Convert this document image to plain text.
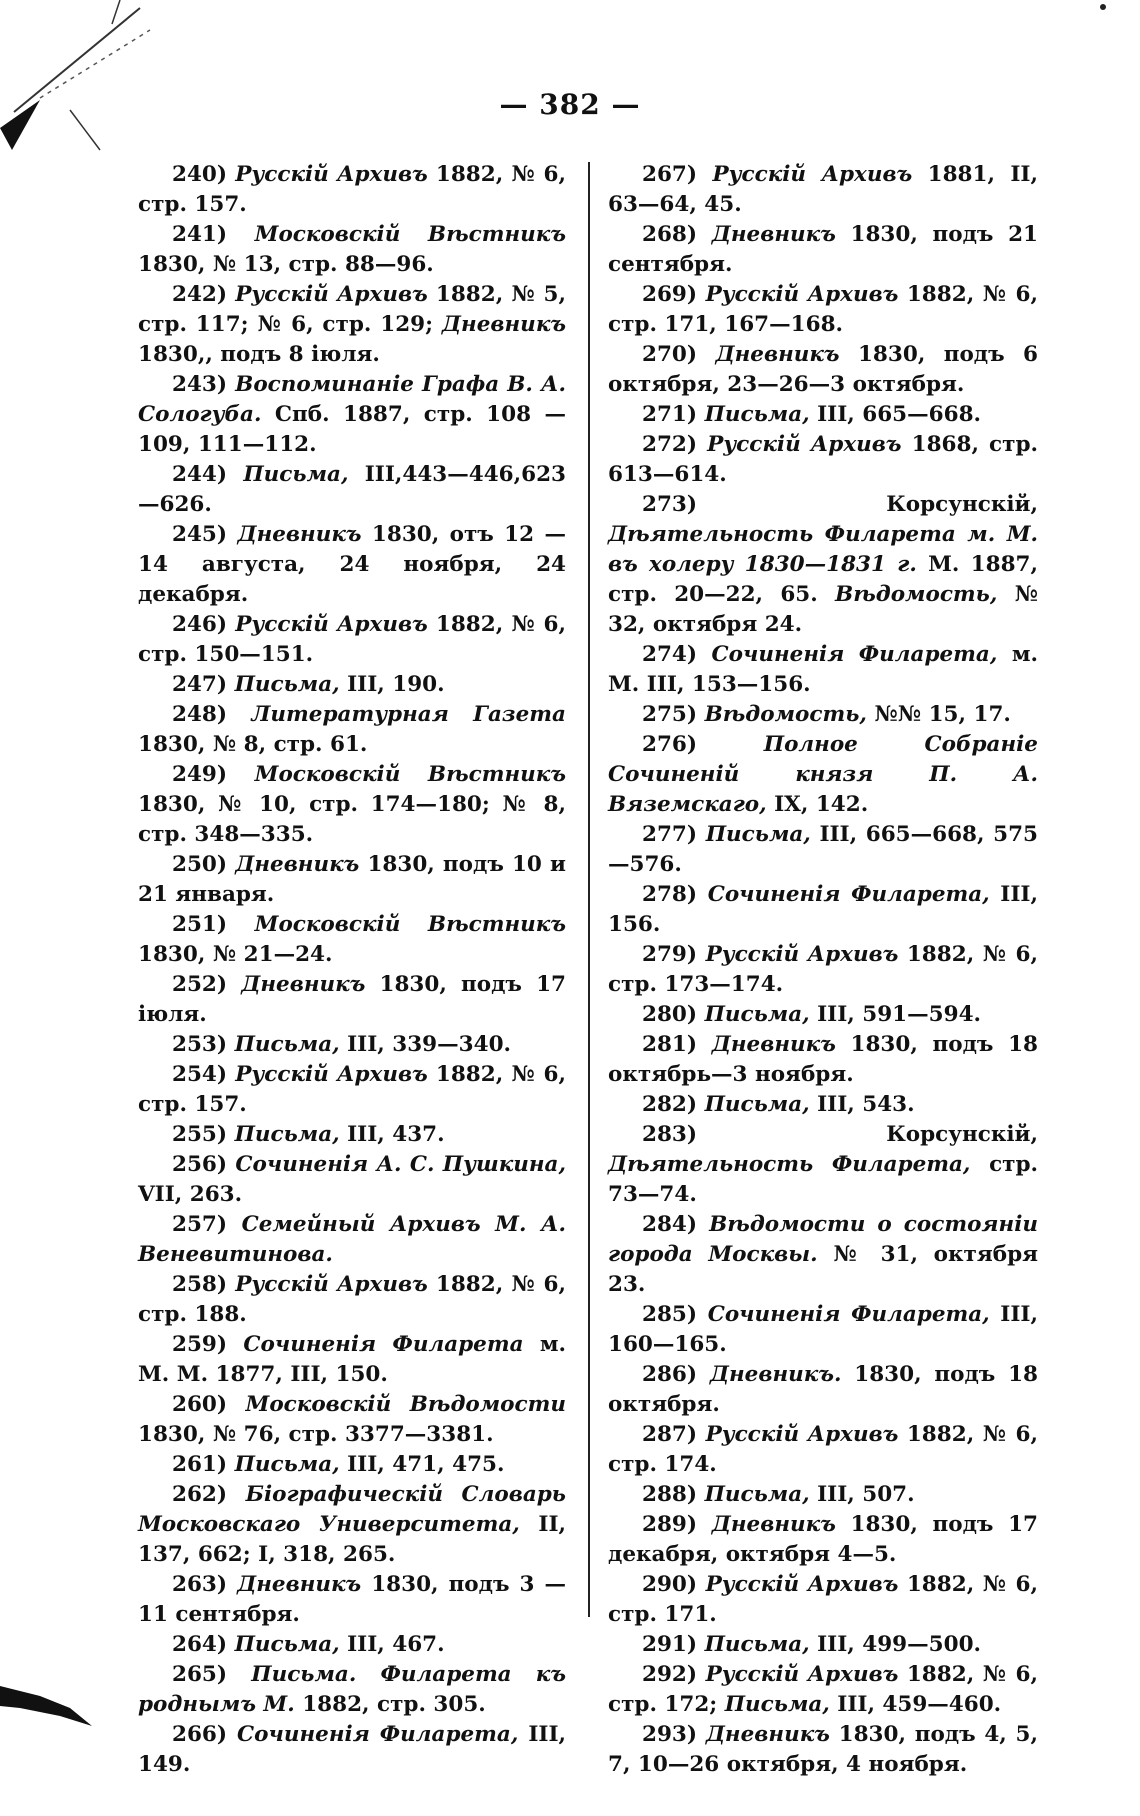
— 382 —

240) Русскій Архивъ 1882, № 6, стр. 157.

241) Московскій Вѣстникъ 1830, № 13, стр. 88—96.

242) Русскій Архивъ 1882, № 5, стр. 117; № 6, стр. 129; Дневникъ 1830,, подъ 8 іюля.

243) Воспоминаніе Графа В. А. Сологуба. Спб. 1887, стр. 108 — 109, 111—112.

244) Письма, III,443—446,623—626.

245) Дневникъ 1830, отъ 12 — 14 августа, 24 ноября, 24 декабря.

246) Русскій Архивъ 1882, № 6, стр. 150—151.

247) Письма, III, 190.

248) Литературная Газета 1830, № 8, стр. 61.

249) Московскій Вѣстникъ 1830, № 10, стр. 174—180; № 8, стр. 348—335.

250) Дневникъ 1830, подъ 10 и 21 января.

251) Московскій Вѣстникъ 1830, № 21—24.

252) Дневникъ 1830, подъ 17 іюля.

253) Письма, III, 339—340.

254) Русскій Архивъ 1882, № 6, стр. 157.

255) Письма, III, 437.

256) Сочиненія А. С. Пушкина, VII, 263.

257) Семейный Архивъ М. А. Веневитинова.

258) Русскій Архивъ 1882, № 6, стр. 188.

259) Сочиненія Филарета м. М. М. 1877, III, 150.

260) Московскій Вѣдомости 1830, № 76, стр. 3377—3381.

261) Письма, III, 471, 475.

262) Біографическій Словарь Московскаго Университета, II, 137, 662; I, 318, 265.

263) Дневникъ 1830, подъ 3 — 11 сентября.

264) Письма, III, 467.

265) Письма. Филарета къ роднымъ М. 1882, стр. 305.

266) Сочиненія Филарета, III, 149.

267) Русскій Архивъ 1881, II, 63—64, 45.

268) Дневникъ 1830, подъ 21 сентября.

269) Русскій Архивъ 1882, № 6, стр. 171, 167—168.

270) Дневникъ 1830, подъ 6 октября, 23—26—3 октября.

271) Письма, III, 665—668.

272) Русскій Архивъ 1868, стр. 613—614.

273) Корсунскій, Дѣятельность Филарета м. М. въ холеру 1830—1831 г. М. 1887, стр. 20—22, 65. Вѣдомость, № 32, октября 24.

274) Сочиненія Филарета, м. М. III, 153—156.

275) Вѣдомость, №№ 15, 17.

276)	Полное Собраніе Сочиненій князя П. А. Вяземскаго, IX, 142.

277) Письма, III, 665—668, 575—576.

278) Сочиненія Филарета, III, 156.

279) Русскій Архивъ 1882, № 6, стр. 173—174.

280) Письма, III, 591—594.

281) Дневникъ 1830, подъ 18 октябрь—3 ноября.

282) Письма, III, 543.

283) Корсунскій, Дѣятельность Филарета, стр. 73—74.

284) Вѣдомости о состояніи города Москвы. № 31, октября 23.

285) Сочиненія Филарета, III, 160—165.

286) Дневникъ. 1830, подъ 18 октября.

287) Русскій Архивъ 1882, № 6, стр. 174.

288) Письма, III, 507.

289) Дневникъ 1830, подъ 17 декабря, октября 4—5.

290) Русскій Архивъ 1882, № 6, стр. 171.

291) Письма, III, 499—500.

292) Русскій Архивъ 1882, № 6, стр. 172; Письма, III, 459—460.

293) Дневникъ 1830, подъ 4, 5, 7, 10—26 октября, 4 ноября.
